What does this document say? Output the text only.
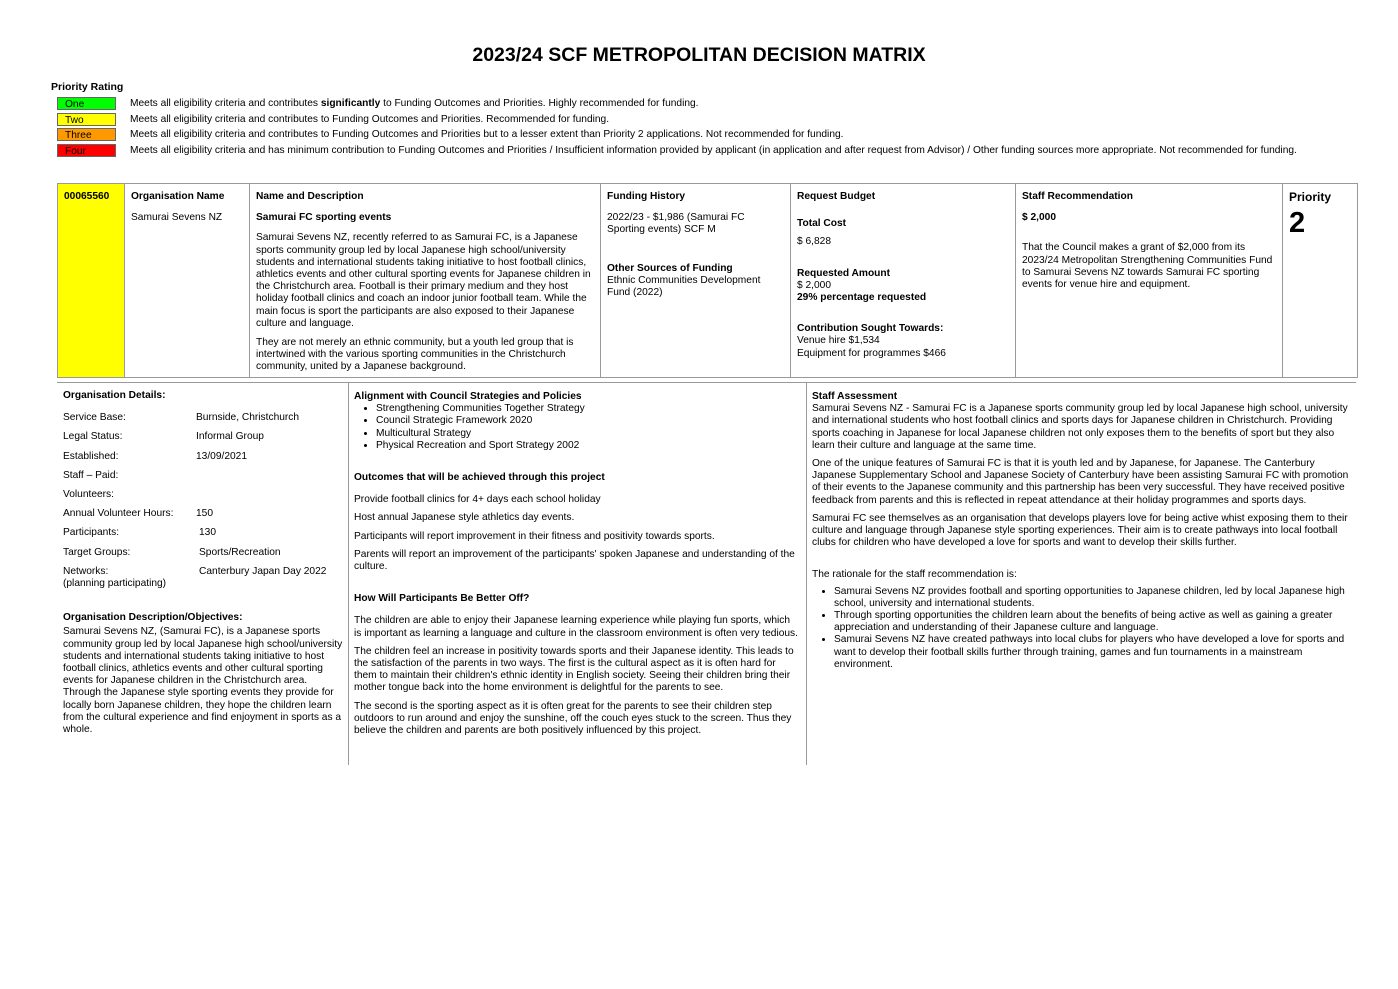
2023/24 SCF METROPOLITAN DECISION MATRIX
Priority Rating
One	Meets all eligibility criteria and contributes significantly to Funding Outcomes and Priorities. Highly recommended for funding.
Two	Meets all eligibility criteria and contributes to Funding Outcomes and Priorities. Recommended for funding.
Three	Meets all eligibility criteria and contributes to Funding Outcomes and Priorities but to a lesser extent than Priority 2 applications. Not recommended for funding.
Four	Meets all eligibility criteria and has minimum contribution to Funding Outcomes and Priorities / Insufficient information provided by applicant (in application and after request from Advisor) / Other funding sources more appropriate. Not recommended for funding.
00065560	Organisation Name
Samurai Sevens NZ

Name and Description
Samurai FC sporting events
Samurai Sevens NZ, recently referred to as Samurai FC, is a Japanese sports community group led by local Japanese high school/university students and international students taking initiative to host football clinics, athletics events and other cultural sporting events for Japanese children in the Christchurch area. Football is their primary medium and they host holiday football clinics and coach an indoor junior football team. While the main focus is sport the participants are also exposed to their Japanese culture and language.
They are not merely an ethnic community, but a youth led group that is intertwined with the various sporting communities in the Christchurch community, united by a Japanese background.

Funding History
2022/23 - $1,986 (Samurai FC Sporting events) SCF M
Other Sources of Funding
Ethnic Communities Development Fund (2022)

Request Budget
Total Cost
$ 6,828
Requested Amount
$ 2,000
29% percentage requested
Contribution Sought Towards:
Venue hire $1,534
Equipment for programmes $466

Staff Recommendation
$ 2,000
That the Council makes a grant of $2,000 from its 2023/24 Metropolitan Strengthening Communities Fund to Samurai Sevens NZ towards Samurai FC sporting events for venue hire and equipment.

Priority
2
Organisation Details:
Service Base:	Burnside, Christchurch
Legal Status:	Informal Group
Established:	13/09/2021
Staff – Paid:
Volunteers:
Annual Volunteer Hours:	150
Participants:	130
Target Groups:	Sports/Recreation
Networks:	Canterbury Japan Day 2022
(planning participating)
Organisation Description/Objectives:
Samurai Sevens NZ, (Samurai FC), is a Japanese sports community group led by local Japanese high school/university students and international students taking initiative to host football clinics, athletics events and other cultural sporting events for Japanese children in the Christchurch area. Through the Japanese style sporting events they provide for locally born Japanese children, they hope the children learn from the cultural experience and find enjoyment in sports as a whole.
Alignment with Council Strategies and Policies
• Strengthening Communities Together Strategy
• Council Strategic Framework 2020
• Multicultural Strategy
• Physical Recreation and Sport Strategy 2002
Outcomes that will be achieved through this project
Provide football clinics for 4+ days each school holiday
Host annual Japanese style athletics day events.
Participants will report improvement in their fitness and positivity towards sports.
Parents will report an improvement of the participants' spoken Japanese and understanding of the culture.
How Will Participants Be Better Off?
The children are able to enjoy their Japanese learning experience while playing fun sports, which is important as learning a language and culture in the classroom environment is often very tedious.
The children feel an increase in positivity towards sports and their Japanese identity. This leads to the satisfaction of the parents in two ways. The first is the cultural aspect as it is often hard for them to maintain their children's ethnic identity in English society. Seeing their children bring their mother tongue back into the home environment is delightful for the parents to see.
The second is the sporting aspect as it is often great for the parents to see their children step outdoors to run around and enjoy the sunshine, off the couch eyes stuck to the screen. Thus they believe the children and parents are both positively influenced by this project.
Staff Assessment
Samurai Sevens NZ - Samurai FC is a Japanese sports community group led by local Japanese high school, university and international students who host football clinics and sports days for Japanese children in Christchurch. Providing sports coaching in Japanese for local Japanese children not only exposes them to the benefits of sport but they also learn their culture and language at the same time.
One of the unique features of Samurai FC is that it is youth led and by Japanese, for Japanese. The Canterbury Japanese Supplementary School and Japanese Society of Canterbury have been assisting Samurai FC with promotion of their events to the Japanese community and this partnership has been very successful. They have received positive feedback from parents and this is reflected in repeat attendance at their holiday programmes and sports days.
Samurai FC see themselves as an organisation that develops players love for being active whist exposing them to their culture and language through Japanese style sporting experiences. Their aim is to create pathways into local football clubs for children who have developed a love for sports and want to develop their skills further.
The rationale for the staff recommendation is:
• Samurai Sevens NZ provides football and sporting opportunities to Japanese children, led by local Japanese high school, university and international students.
• Through sporting opportunities the children learn about the benefits of being active as well as gaining a greater appreciation and understanding of their Japanese culture and language.
• Samurai Sevens NZ have created pathways into local clubs for players who have developed a love for sports and want to develop their football skills further through training, games and fun tournaments in a mainstream environment.
